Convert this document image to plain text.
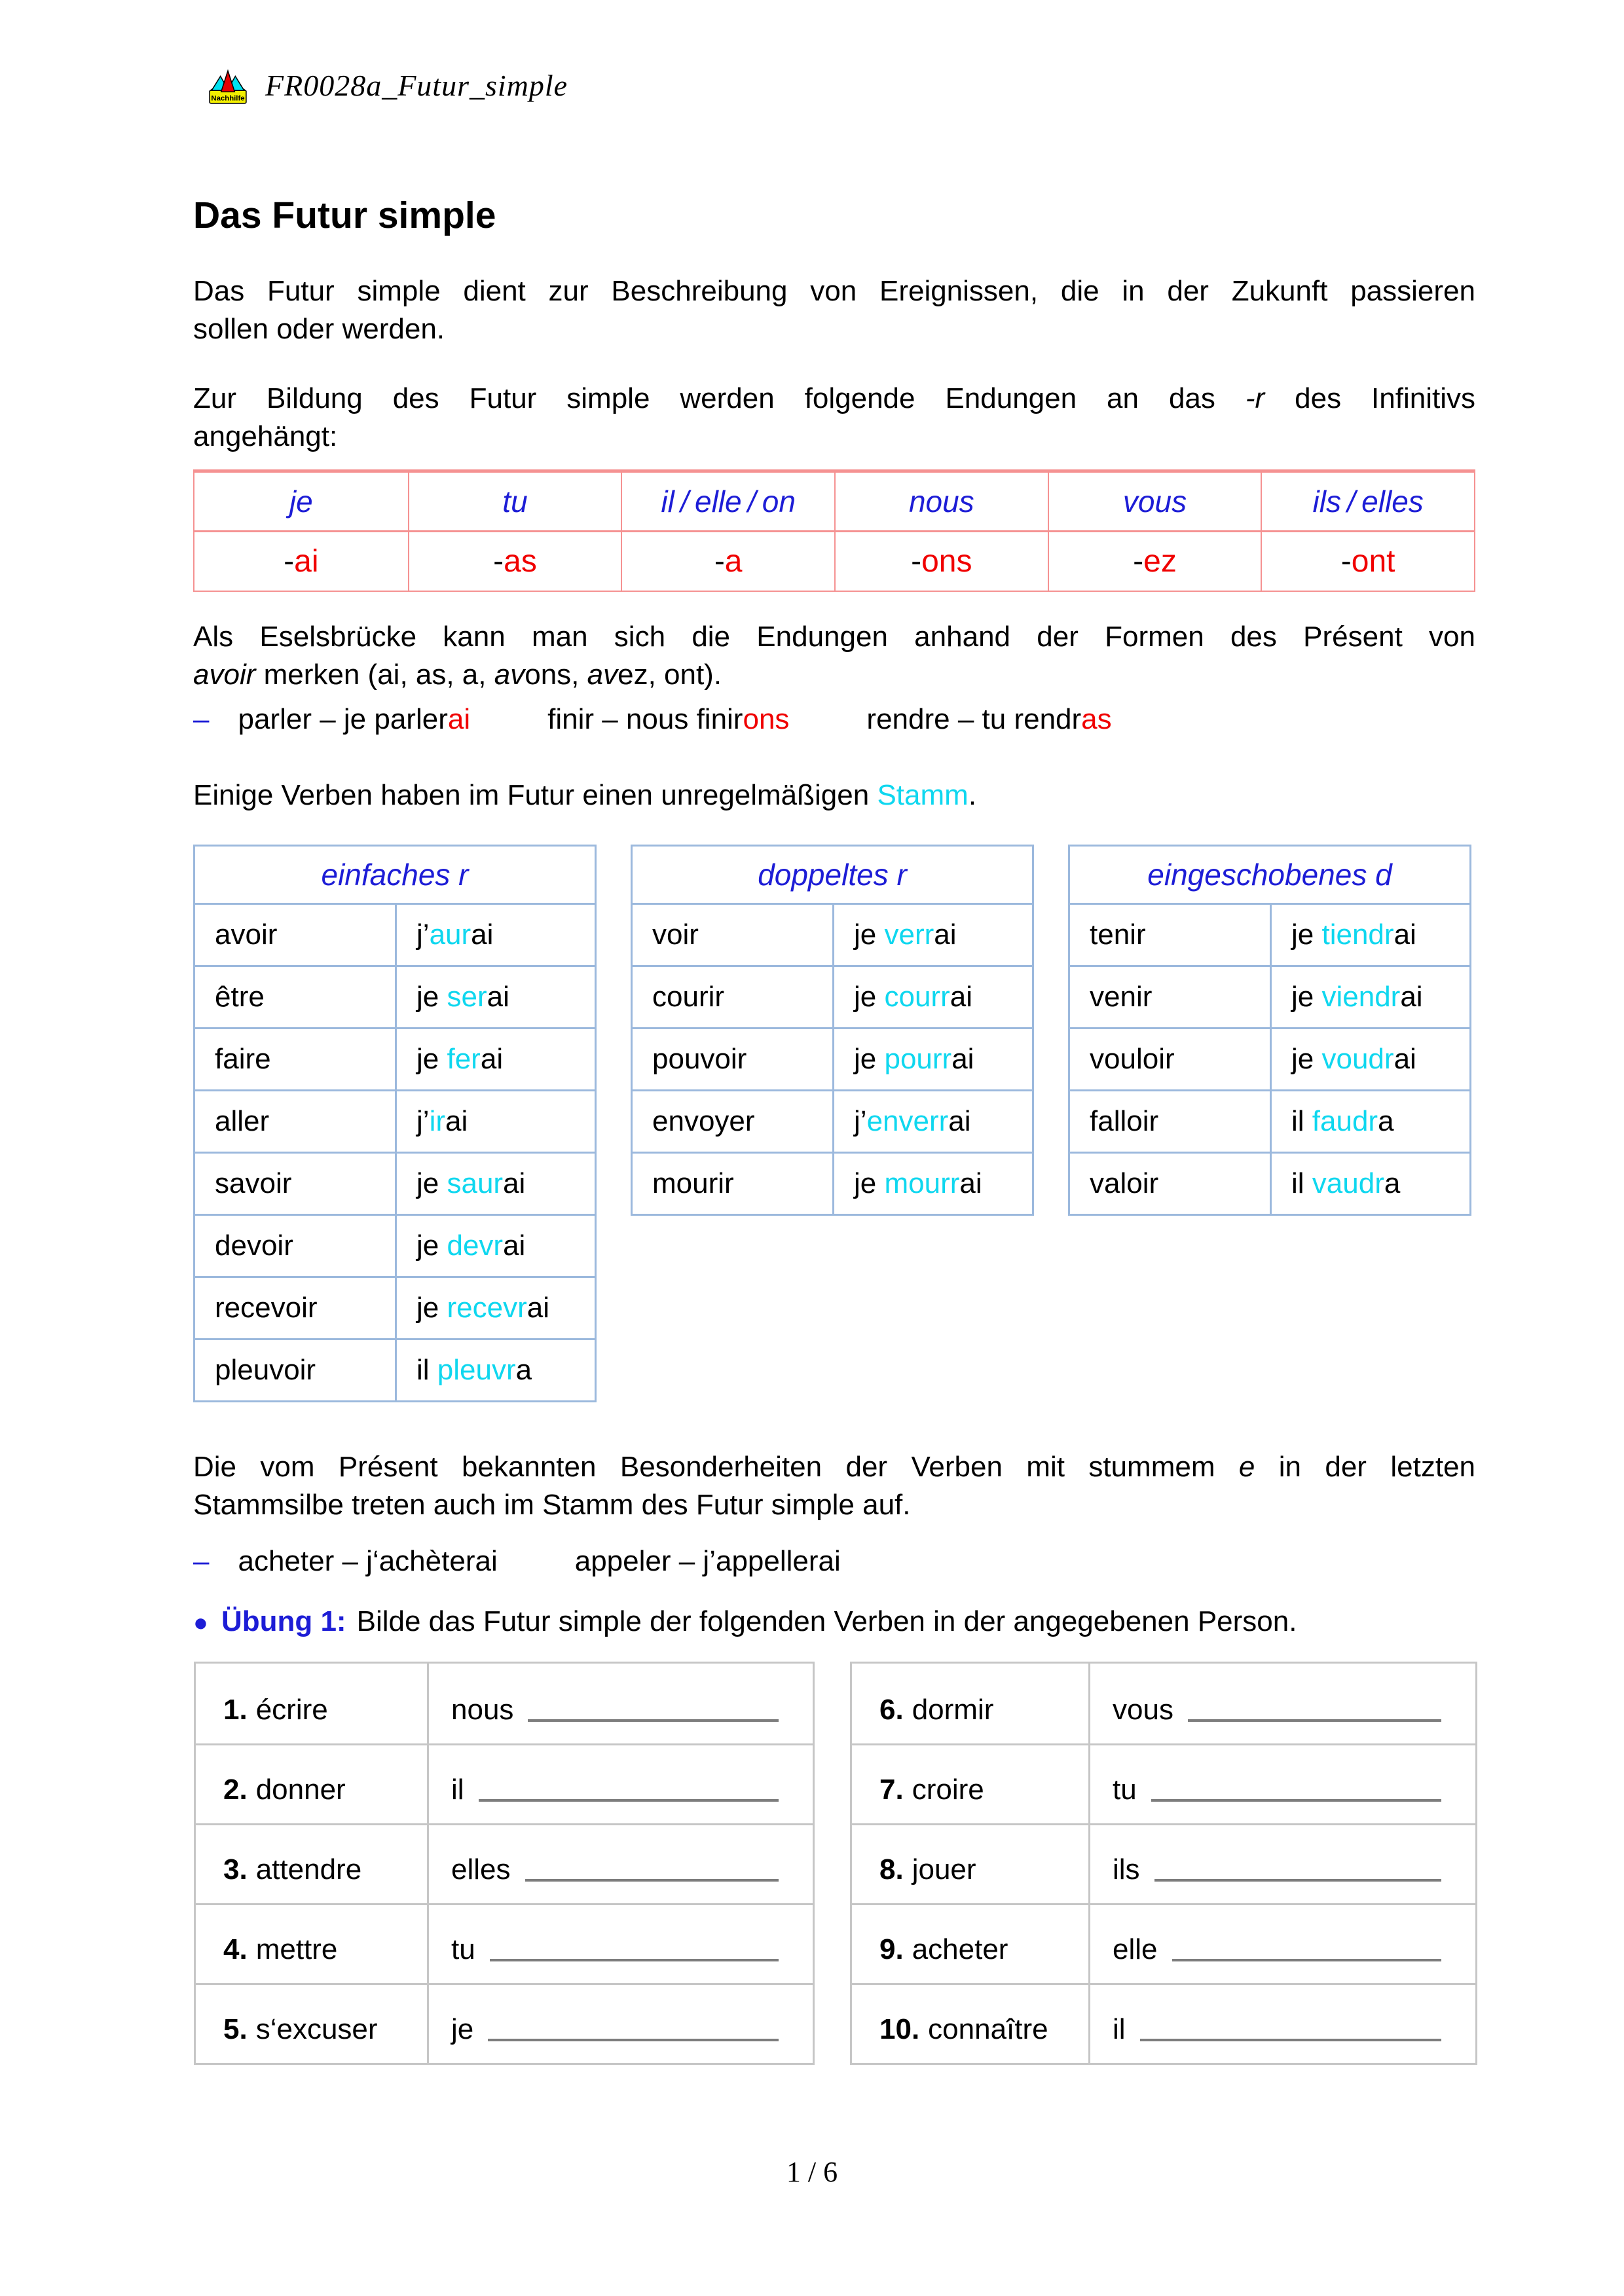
Nachhilfe FR0028a_Futur_simple
Das Futur simple
Das Futur simple dient zur Beschreibung von Ereignissen, die in der Zukunft passieren
sollen oder werden.
Zur Bildung des Futur simple werden folgende Endungen an das -r des Infinitivs
angehängt:
je	tu	il / elle / on	nous	vous	ils / elles
- ai	- as	- a	- ons	- ez	- ont
Als Eselsbrücke kann man sich die Endungen anhand der Formen des Présent von
avoir merken (ai, as, a, avons, avez, ont).
– parler – je parlerai	finir – nous finirons	rendre – tu rendras
Einige Verben haben im Futur einen unregelmäßigen Stamm.
einfaches r
avoir	j’ aur ai
être	je ser ai
faire	je fer ai
aller	j’ ir ai
savoir	je saur ai
devoir	je devr ai
recevoir	je recevr ai
pleuvoir	il pleuvr a
doppeltes r
voir	je verr ai
courir	je courr ai
pouvoir	je pourr ai
envoyer	j’ enverr ai
mourir	je mourr ai
eingeschobenes d
tenir	je tiendr ai
venir	je viendr ai
vouloir	je voudr ai
falloir	il faudr a
valoir	il vaudr a
Die vom Présent bekannten Besonderheiten der Verben mit stummem e in der letzten
Stammsilbe treten auch im Stamm des Futur simple auf.
– acheter – j‘achèterai	appeler – j’appellerai
● Übung 1: Bilde das Futur simple der folgenden Verben in der angegebenen Person.
1. écrire	nous
2. donner	il
3. attendre	elles
4. mettre	tu
5. s‘excuser	je
6. dormir	vous
7. croire	tu
8. jouer	ils
9. acheter	elle
10. connaître il
1 / 6
